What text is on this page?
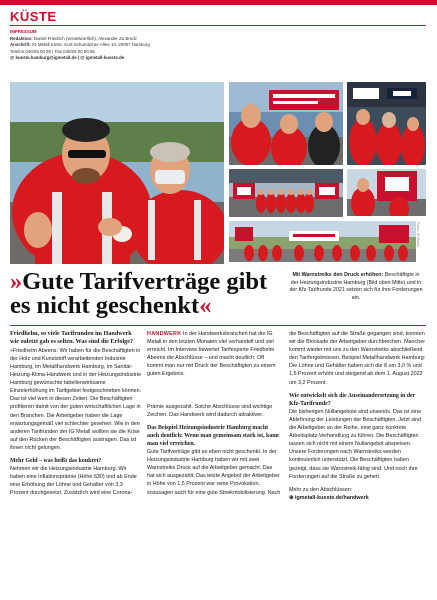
KÜSTE
IMPRESSUM
Redaktion: Daniel Friedrich (verantwortlich), Alexander Zu Bredz
Anschrift: IG Metall Küste, Kurt-Schumacher-Allee 10, 20097 Hamburg
Telefon 040/28 00 90 | Fax 040/28 00 90 55
@ kueste.hamburg@igmetall.de | @ igmetall-kueste.de
Fotos: IG Metall
»Gute Tarifverträge gibt es nicht geschenkt«
Mit Warnstreiks den Druck erhöhen: Beschäftigte in der Heizungsindustrie Hamburg (Bild oben Mitte) und in der Kfz-Tarifrunde 2021 setzen sich für ihre Forderungen ein.

Friedhelm, so viele Tarifrunden im Handwerk wie zuletzt gab es selten. Was sind die Erfolge?

»Friedhelm Abeens: Wir haben für die Beschäftigten in der Holz und Kunststoff verarbeitenden Industrie Hamburg, im Metallhandwerk Hamburg, im Sanitär-Heizung-Klima-Handwerk und in der Heizungsindustrie Hamburg gewünschte tabellenwirksame Einzelerhöhung im Tarifgebiet festgeschrieben können. Das ist viel wert in diesen Zeiten. Die Beschäftigten profitieren damit von der guten wirtschaftlichen Lage in den Branchen. Die Arbeitgeber haben die Lage erwartungsgemäß viel schlechter gesehen. Wie in den anderen Tarifrunden der IG Metall wollten sie die Krise auf den Rücken der Beschäftigten austragen. Das ist ihnen nicht gelungen.

Mehr Geld – was heißt das konkret?

Nehmen wir die Heizungsindustrie Hamburg. Wir haben eine Inflationsprämie (Höhe 630) und ab Ende eine Erhöhung der Löhne und Gehälter von 3,3 Prozent durchgesetzt. Zusätzlich wird eine Corona-

HANDWERK In der Handwerksbranchen hat die IG Metall in den letzten Monaten viel verhandelt und viel erreicht. Im Interview bewertet Tarifexperte Friedhelm Abeens die Abschlüsse – und macht deutlich: Oft kommt man nur mit Druck der Beschäftigten zu einem guten Ergebnis.

Prämie ausgezahlt. Solche Abschlüsse sind wichtige Zeichen. Das Handwerk wird dadurch attraktiver.

Das Beispiel Heizungsindustrie Hamburg macht auch deutlich: Wenn man gemeinsam stark ist, kann man viel erreichen.

Gute Tarifverträge gibt es eben nicht geschenkt. In der Heizungsindustrie Hamburg haben wir mit zwei Warnstreiks Druck auf die Arbeitgeber gemacht. Das hat sich ausgezahlt. Das letzte Angebot der Arbeitgeber in Höhe von 1,5 Prozent war reine Provokation, sozusagen auch für eine gute Streikmobilisierung. Nach

die Beschäftigten auf die Straße gegangen sind, konnten wir die Blockade der Arbeitgeber durchbrechen. Mancher kommt wieder mit uns zu den Warnstreiks abschließend den Tarifergebnissen. Beispiel Metallhandwerk Hamburg: Die Löhne und Gehälter haben sich die 8 um 3,0 % und 1,5 Prozent erhöht und steigend ab dem 1. August 2022 um 3,2 Prozent.

Wie entwickelt sich die Auseinandersetzung in der Kfz-Tarifrunde?

Die bisherigen Nullangebote sind unseriös. Das ist eine Ablehnung der Leistungen der Beschäftigten. Jetzt sind die Arbeitgeber an der Reihe, eine ganz konkrete Arbeitsplatz-Verhandlung zu führen. Die Beschäftigten lassen sich nicht mit einem Nullangebot abspeisen. Unsere Forderungen nach Warnstreiks werden kontinuierlich unterstützt. Die Beschäftigten haben gezeigt, dass sie Warnstreik-fähig sind. Und noch ihre Forderungen auf die Straße zu gehen.

Mehr zu den Abschlüssen:

⊕ igmetall-kueste.de/handwerk
